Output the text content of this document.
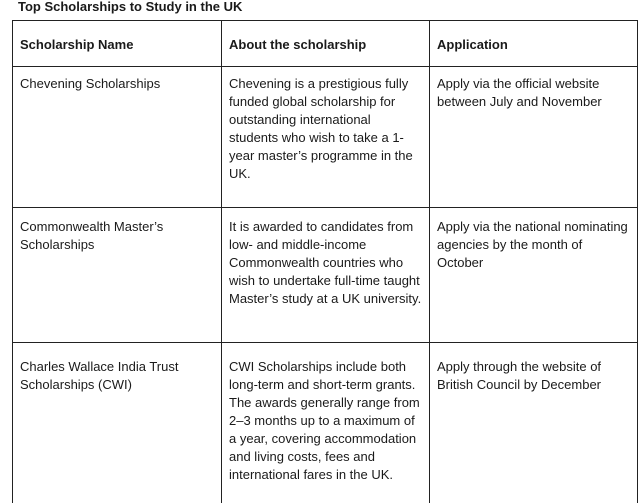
Top Scholarships to Study in the UK
Scholarship Name	About the scholarship	Application
Chevening Scholarships	Chevening is a prestigious fully funded global scholarship for outstanding international students who wish to take a 1-year master’s programme in the UK.	Apply via the official website between July and November
Commonwealth Master’s Scholarships	It is awarded to candidates from low- and middle-income Commonwealth countries who wish to undertake full-time taught Master’s study at a UK university.	Apply via the national nominating agencies by the month of October
Charles Wallace India Trust Scholarships (CWI)	CWI Scholarships include both long-term and short-term grants. The awards generally range from 2–3 months up to a maximum of a year, covering accommodation and living costs, fees and international fares in the UK.	Apply through the website of British Council by December
